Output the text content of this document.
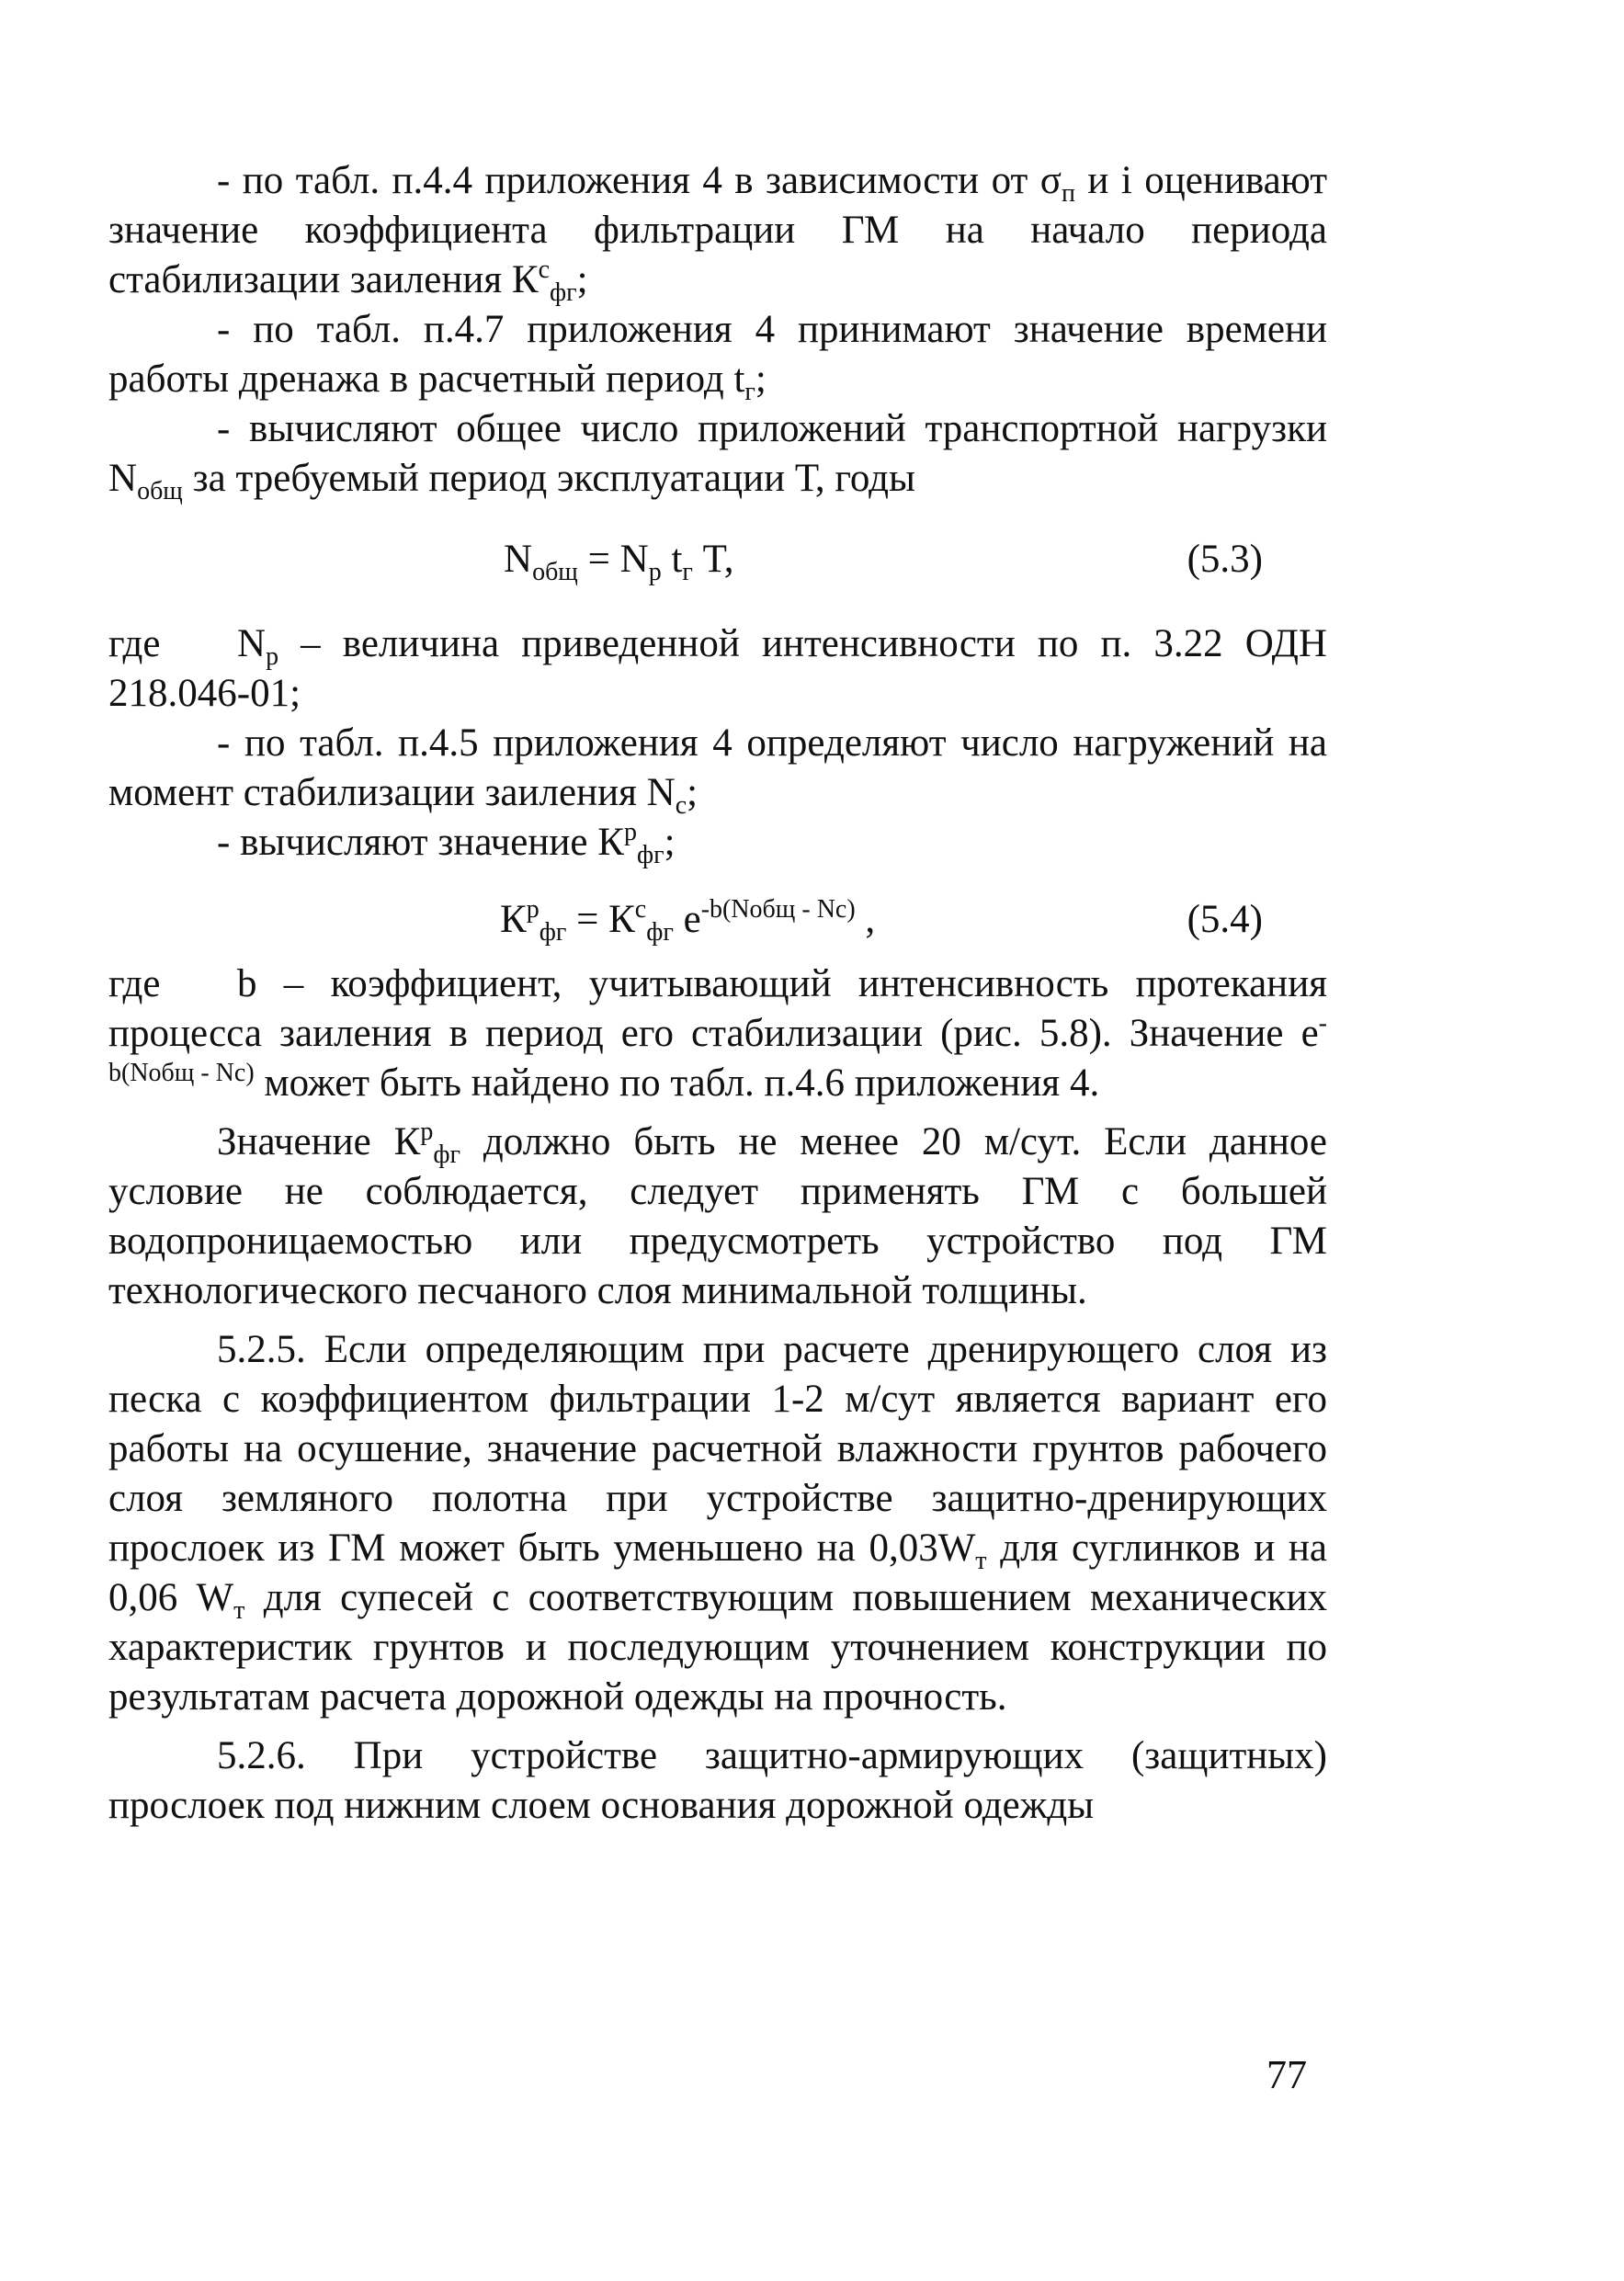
- по табл. п.4.4 приложения 4 в зависимости от $\sigma_п$ и i оценивают значение коэффициента фильтрации ГМ на начало периода стабилизации заиления $К^с_{фг}$;

- по табл. п.4.7 приложения 4 принимают значение времени работы дренажа в расчетный период $t_г$;

- вычисляют общее число приложений транспортной нагрузки $N_{общ}$ за требуемый период эксплуатации Т, годы

$N_{общ} = N_p$ $t_г$ T,	(5.3)

где $N_p$ – величина приведенной интенсивности по п. 3.22 ОДН 218.046-01;

- по табл. п.4.5 приложения 4 определяют число нагружений на момент стабилизации заиления $N_c$;

- вычисляют значение $К^р_{фг}$;

$К^р_{фг} = К^с_{фг}$ $е^{-b(Nобщ - Nc)}$ ,	(5.4)

где b – коэффициент, учитывающий интенсивность протекания процесса заиления в период его стабилизации (рис. 5.8). Значение $е^{-b(Nобщ - Nc)}$ может быть найдено по табл. п.4.6 приложения 4.

Значение $К^р_{фг}$ должно быть не менее 20 м/сут. Если данное условие не соблюдается, следует применять ГМ с большей водопроницаемостью или предусмотреть устройство под ГМ технологического песчаного слоя минимальной толщины.

5.2.5. Если определяющим при расчете дренирующего слоя из песка с коэффициентом фильтрации 1-2 м/сут является вариант его работы на осушение, значение расчетной влажности грунтов рабочего слоя земляного полотна при устройстве защитно-дренирующих прослоек из ГМ может быть уменьшено на $0,03W_т$ для суглинков и на 0,06 $W_т$ для супесей с соответствующим повышением механических характеристик грунтов и последующим уточнением конструкции по результатам расчета дорожной одежды на прочность.

5.2.6. При устройстве защитно-армирующих (защитных) прослоек под нижним слоем основания дорожной одежды

77
